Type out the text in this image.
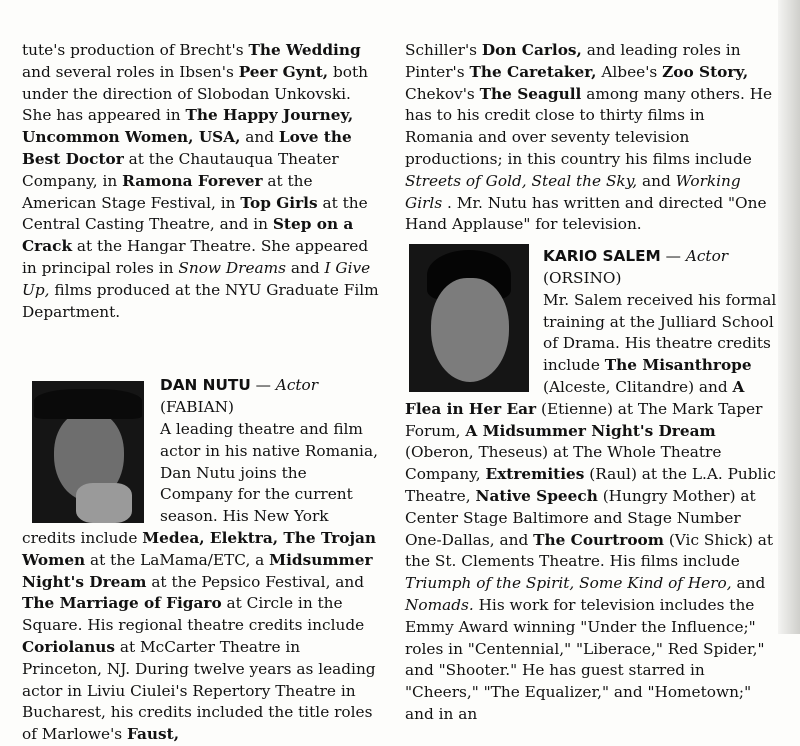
tute's production of Brecht's The Wedding and several roles in Ibsen's Peer Gynt, both under the direction of Slobodan Unkovski. She has appeared in The Happy Journey, Uncommon Women, USA, and Love the Best Doctor at the Chautauqua Theater Company, in Ramona Forever at the American Stage Festival, in Top Girls at the Central Casting Theatre, and in Step on a Crack at the Hangar Theatre. She appeared in principal roles in Snow Dreams and I Give Up, films produced at the NYU Graduate Film Department.

DAN NUTU — Actor

(FABIAN)

A leading theatre and film actor in his native Romania, Dan Nutu joins the Company for the current season. His New York credits include Medea, Elektra, The Trojan Women at the LaMama/ETC, a Midsummer Night's Dream at the Pepsico Festival, and The Marriage of Figaro at Circle in the Square. His regional theatre credits include Coriolanus at McCarter Theatre in Princeton, NJ. During twelve years as leading actor in Liviu Ciulei's Repertory Theatre in Bucharest, his credits included the title roles of Marlowe's Faust,

Schiller's Don Carlos, and leading roles in Pinter's The Caretaker, Albee's Zoo Story, Chekov's The Seagull among many others. He has to his credit close to thirty films in Romania and over seventy television productions; in this country his films include Streets of Gold, Steal the Sky, and Working Girls . Mr. Nutu has written and directed "One Hand Applause" for television.

KARIO SALEM — Actor

(ORSINO)

Mr. Salem received his formal training at the Julliard School of Drama. His theatre credits include The Misanthrope (Alceste, Clitandre) and A Flea in Her Ear (Etienne) at The Mark Taper Forum, A Midsummer Night's Dream (Oberon, Theseus) at The Whole Theatre Company, Extremities (Raul) at the L.A. Public Theatre, Native Speech (Hungry Mother) at Center Stage Baltimore and Stage Number One-Dallas, and The Courtroom (Vic Shick) at the St. Clements Theatre. His films include Triumph of the Spirit, Some Kind of Hero, and Nomads. His work for television includes the Emmy Award winning "Under the Influence;" roles in "Centennial," "Liberace," Red Spider," and "Shooter." He has guest starred in "Cheers," "The Equalizer," and "Hometown;" and in an
